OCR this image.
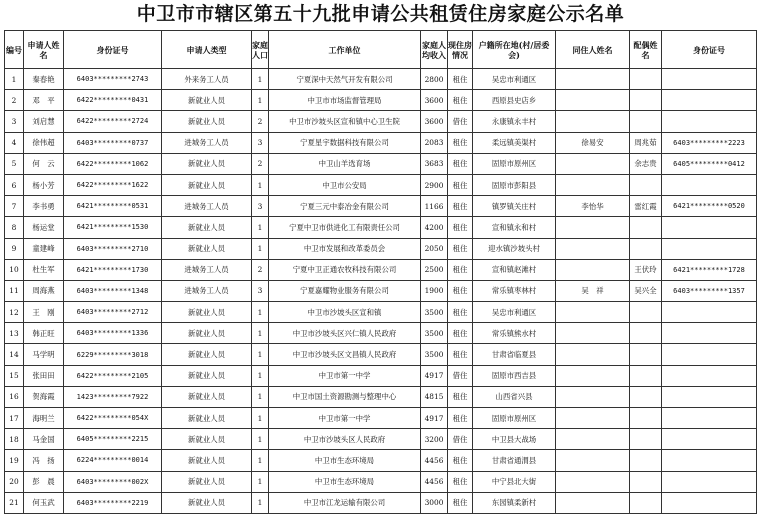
中卫市市辖区第五十九批申请公共租赁住房家庭公示名单
编号	申请人姓名	身份证号	申请人类型	家庭人口	工作单位	家庭人均收入	现住房情况	户籍所在地(村/居委会)	同住人姓名	配偶姓名	身份证号
1	秦春艳	6403*********2743	外来务工人员	1	宁夏深中天然气开发有限公司	2800	租住	吴忠市利通区			
2	邓　平	6422*********0431	新就业人员	1	中卫市市场监督管理局	3600	租住	西原县史店乡			
3	刘启慧	6422*********2724	新就业人员	2	中卫市沙坡头区宣和镇中心卫生院	3600	借住	永康镇永丰村			
4	徐伟超	6403*********0737	进城务工人员	3	宁夏星宇数据科技有限公司	2083	租住	柔远镇美渠村	徐易安	周兆茹	6403*********2223
5	何　云	6422*********1062	新就业人员	2	中卫山羊选育场	3683	租住	固原市原州区		余志贵	6405*********0412
6	杨小芳	6422*********1622	新就业人员	1	中卫市公安局	2900	租住	固原市彭阳县			
7	李书勇	6421*********0531	进城务工人员	3	宁夏三元中泰冶金有限公司	1166	租住	镇罗镇关庄村	李怡华	雷红霞	6421*********0520
8	杨运堂	6421*********1530	新就业人员	1	宁夏中卫市供进化工有限责任公司	4200	租住	宣和镇永和村			
9	童建峰	6403*********2710	新就业人员	1	中卫市发展和改革委员会	2050	租住	迎水镇沙坡头村			
10	杜生军	6421*********1730	进城务工人员	2	宁夏中卫正通农牧科技有限公司	2500	租住	宣和镇赵滩村		王伏玲	6421*********1728
11	周海燕	6403*********1348	进城务工人员	3	宁夏嘉耀物业服务有限公司	1900	租住	常乐镇枣林村	吴　祥	吴兴全	6403*********1357
12	王　刚	6403*********2712	新就业人员	1	中卫市沙坡头区宣和镇	3500	租住	吴忠市利通区			
13	韩正旺	6403*********1336	新就业人员	1	中卫市沙坡头区兴仁镇人民政府	3500	租住	常乐镇熊水村			
14	马学明	6229*********3018	新就业人员	1	中卫市沙坡头区文昌镇人民政府	3500	租住	甘肃省临夏县			
15	张田田	6422*********2105	新就业人员	1	中卫市第一中学	4917	借住	固原市西吉县			
16	贺海霞	1423*********7922	新就业人员	1	中卫市国土资源勘测与整理中心	4815	租住	山西省兴县			
17	海明兰	6422*********054X	新就业人员	1	中卫市第一中学	4917	租住	固原市原州区			
18	马金国	6405*********2215	新就业人员	1	中卫市沙坡头区人民政府	3200	借住	中卫县大战场			
19	冯　扬	6224*********0014	新就业人员	1	中卫市生态环境局	4456	租住	甘肃省通渭县			
20	彭　晨	6403*********002X	新就业人员	1	中卫市生态环境局	4456	租住	中宁县北大街			
21	何玉武	6403*********2219	新就业人员	1	中卫市江龙运输有限公司	3000	租住	东园镇柔新村			
